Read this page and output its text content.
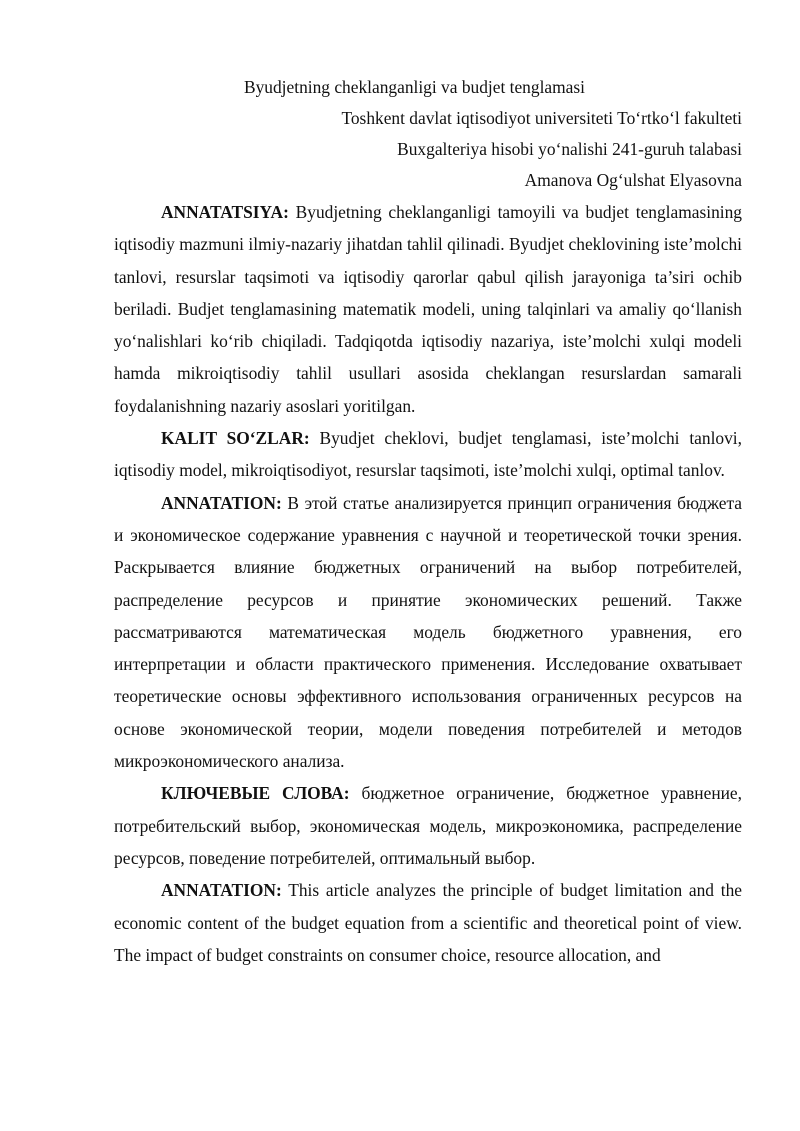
Byudjetning cheklanganligi va budjet tenglamasi

Toshkent davlat iqtisodiyot universiteti To‘rtko‘l fakulteti

Buxgalteriya hisobi yo‘nalishi 241-guruh talabasi

Amanova Og‘ulshat Elyasovna

ANNATATSIYA: Byudjetning cheklanganligi tamoyili va budjet tenglamasining iqtisodiy mazmuni ilmiy-nazariy jihatdan tahlil qilinadi. Byudjet cheklovining iste’molchi tanlovi, resurslar taqsimoti va iqtisodiy qarorlar qabul qilish jarayoniga ta’siri ochib beriladi. Budjet tenglamasining matematik modeli, uning talqinlari va amaliy qo‘llanish yo‘nalishlari ko‘rib chiqiladi. Tadqiqotda iqtisodiy nazariya, iste’molchi xulqi modeli hamda mikroiqtisodiy tahlil usullari asosida cheklangan resurslardan samarali foydalanishning nazariy asoslari yoritilgan.

KALIT SO‘ZLAR: Byudjet cheklovi, budjet tenglamasi, iste’molchi tanlovi, iqtisodiy model, mikroiqtisodiyot, resurslar taqsimoti, iste’molchi xulqi, optimal tanlov.

ANNATATION: В этой статье анализируется принцип ограничения бюджета и экономическое содержание уравнения с научной и теоретической точки зрения. Раскрывается влияние бюджетных ограничений на выбор потребителей, распределение ресурсов и принятие экономических решений. Также рассматриваются математическая модель бюджетного уравнения, его интерпретации и области практического применения. Исследование охватывает теоретические основы эффективного использования ограниченных ресурсов на основе экономической теории, модели поведения потребителей и методов микроэкономического анализа.

КЛЮЧЕВЫЕ СЛОВА: бюджетное ограничение, бюджетное уравнение, потребительский выбор, экономическая модель, микроэкономика, распределение ресурсов, поведение потребителей, оптимальный выбор.

ANNATATION: This article analyzes the principle of budget limitation and the economic content of the budget equation from a scientific and theoretical point of view. The impact of budget constraints on consumer choice, resource allocation, and
